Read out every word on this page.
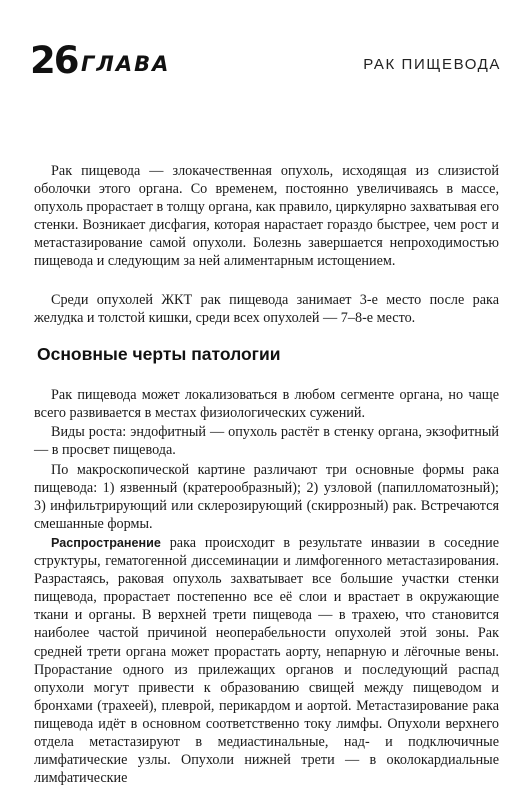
26 ГЛАВА	РАК ПИЩЕВОДА

Рак пищевода — злокачественная опухоль, исходящая из слизистой оболочки этого органа. Со временем, постоянно увеличиваясь в массе, опухоль прорастает в толщу органа, как правило, циркулярно захватывая его стенки. Возникает дисфагия, которая нарастает гораздо быстрее, чем рост и метастазирование самой опухоли. Болезнь завершается непроходимостью пищевода и следующим за ней алиментарным истощением.

Среди опухолей ЖКТ рак пищевода занимает 3-е место после рака желудка и толстой кишки, среди всех опухолей — 7–8-е место.

Основные черты патологии

Рак пищевода может локализоваться в любом сегменте органа, но чаще всего развивается в местах физиологических сужений.

Виды роста: эндофитный — опухоль растёт в стенку органа, экзофитный — в просвет пищевода.

По макроскопической картине различают три основные формы рака пищевода: 1) язвенный (кратерообразный); 2) узловой (папилломатозный); 3) инфильтрирующий или склерозирующий (скиррозный) рак. Встречаются смешанные формы.

Распространение рака происходит в результате инвазии в соседние структуры, гематогенной диссеминации и лимфогенного метастазирования. Разрастаясь, раковая опухоль захватывает все большие участки стенки пищевода, прорастает постепенно все её слои и врастает в окружающие ткани и органы. В верхней трети пищевода — в трахею, что становится наиболее частой причиной неоперабельности опухолей этой зоны. Рак средней трети органа может прорастать аорту, непарную и лёгочные вены. Прорастание одного из прилежащих органов и последующий распад опухоли могут привести к образованию свищей между пищеводом и бронхами (трахеей), плеврой, перикардом и аортой. Метастазирование рака пищевода идёт в основном соответственно току лимфы. Опухоли верхнего отдела метастазируют в медиастинальные, над- и подключичные лимфатические узлы. Опухоли нижней трети — в околокардиальные лимфатические
